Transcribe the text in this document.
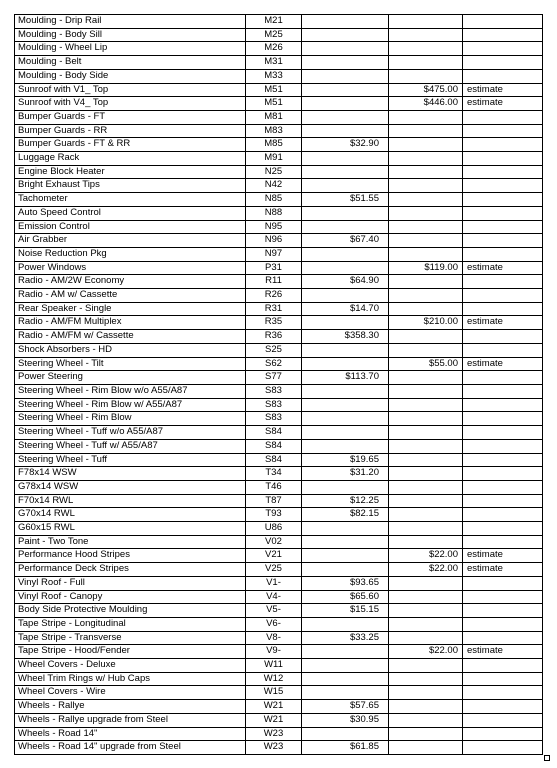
Moulding - Drip Rail	M21			
Moulding - Body Sill	M25			
Moulding - Wheel Lip	M26			
Moulding - Belt	M31			
Moulding - Body Side	M33			
Sunroof with V1_ Top	M51		$475.00	estimate
Sunroof with V4_ Top	M51		$446.00	estimate
Bumper Guards - FT	M81			
Bumper Guards - RR	M83			
Bumper Guards - FT & RR	M85	$32.90		
Luggage Rack	M91			
Engine Block Heater	N25			
Bright Exhaust Tips	N42			
Tachometer	N85	$51.55		
Auto Speed Control	N88			
Emission Control	N95			
Air Grabber	N96	$67.40		
Noise Reduction Pkg	N97			
Power Windows	P31		$119.00	estimate
Radio - AM/2W Economy	R11	$64.90		
Radio - AM w/ Cassette	R26			
Rear Speaker - Single	R31	$14.70		
Radio - AM/FM Multiplex	R35		$210.00	estimate
Radio - AM/FM w/ Cassette	R36	$358.30		
Shock Absorbers - HD	S25			
Steering Wheel - Tilt	S62		$55.00	estimate
Power Steering	S77	$113.70		
Steering Wheel - Rim Blow w/o A55/A87	S83			
Steering Wheel - Rim Blow w/ A55/A87	S83			
Steering Wheel - Rim Blow	S83			
Steering Wheel - Tuff w/o A55/A87	S84			
Steering Wheel - Tuff w/ A55/A87	S84			
Steering Wheel - Tuff	S84	$19.65		
F78x14 WSW	T34	$31.20		
G78x14 WSW	T46			
F70x14 RWL	T87	$12.25		
G70x14 RWL	T93	$82.15		
G60x15 RWL	U86			
Paint - Two Tone	V02			
Performance Hood Stripes	V21		$22.00	estimate
Performance Deck Stripes	V25		$22.00	estimate
Vinyl Roof - Full	V1-	$93.65		
Vinyl Roof - Canopy	V4-	$65.60		
Body Side Protective Moulding	V5-	$15.15		
Tape Stripe - Longitudinal	V6-			
Tape Stripe - Transverse	V8-	$33.25		
Tape Stripe - Hood/Fender	V9-		$22.00	estimate
Wheel Covers - Deluxe	W11			
Wheel Trim Rings w/ Hub Caps	W12			
Wheel Covers - Wire	W15			
Wheels - Rallye	W21	$57.65		
Wheels - Rallye upgrade from Steel	W21	$30.95		
Wheels - Road 14"	W23			
Wheels - Road 14" upgrade from Steel	W23	$61.85		
